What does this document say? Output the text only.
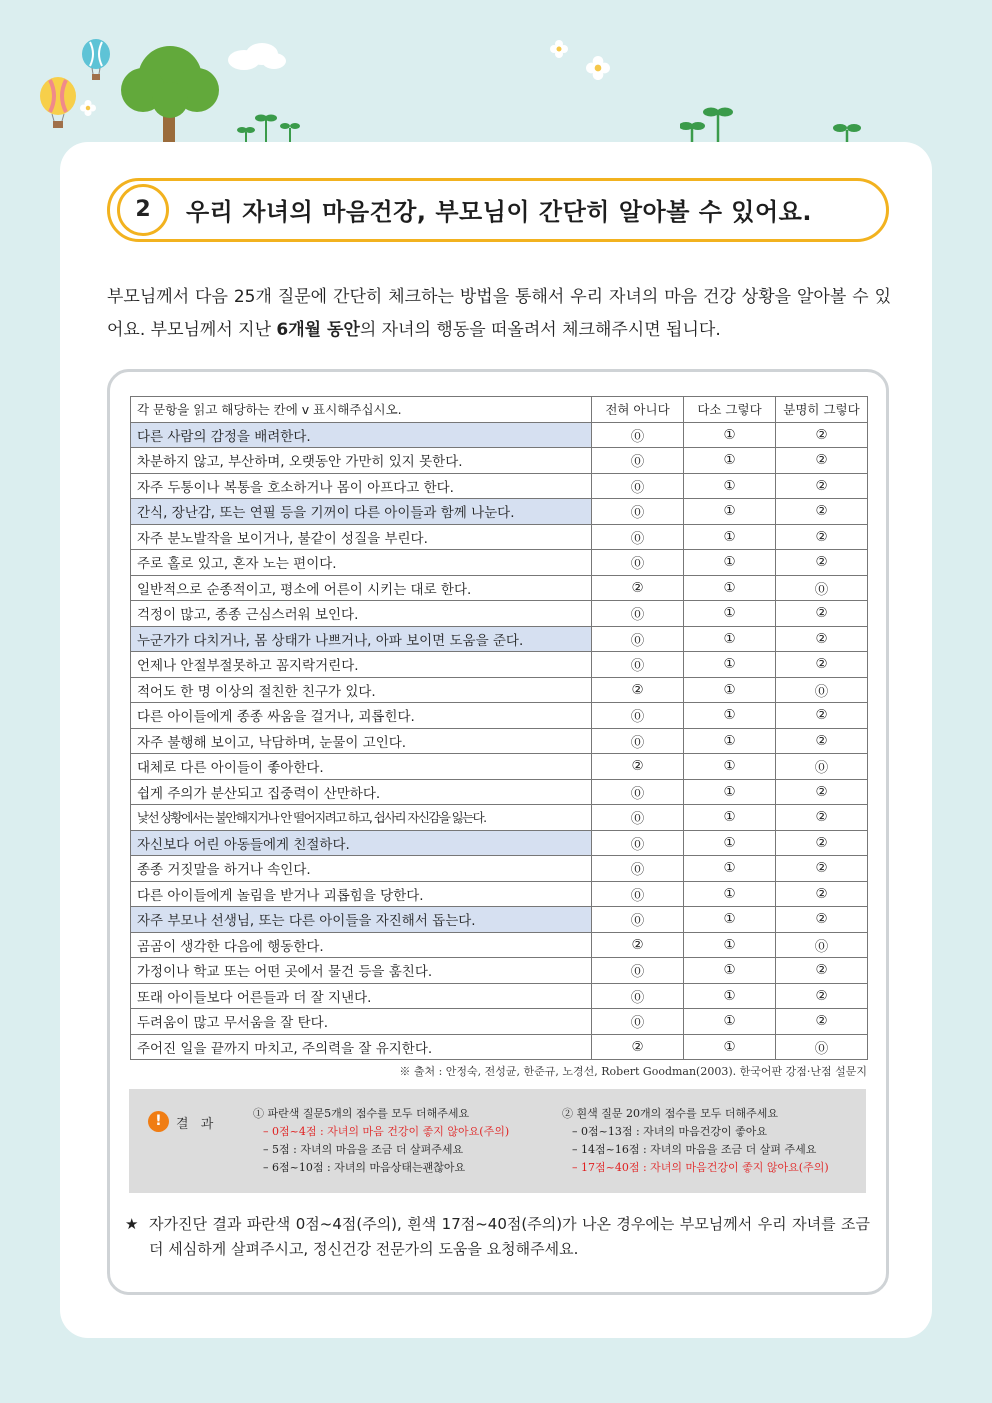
2	우리 자녀의 마음건강, 부모님이 간단히 알아볼 수 있어요.

부모님께서 다음 25개 질문에 간단히 체크하는 방법을 통해서 우리 자녀의 마음 건강 상황을 알아볼 수 있어요. 부모님께서 지난 6개월 동안의 자녀의 행동을 떠올려서 체크해주시면 됩니다.

각 문항을 읽고 해당하는 칸에 v 표시해주십시오.	전혀 아니다	다소 그렇다	분명히 그렇다
다른 사람의 감정을 배려한다.	⓪	①	②
차분하지 않고, 부산하며, 오랫동안 가만히 있지 못한다.	⓪	①	②
자주 두통이나 복통을 호소하거나 몸이 아프다고 한다.	⓪	①	②
간식, 장난감, 또는 연필 등을 기꺼이 다른 아이들과 함께 나눈다.	⓪	①	②
자주 분노발작을 보이거나, 불같이 성질을 부린다.	⓪	①	②
주로 홀로 있고, 혼자 노는 편이다.	⓪	①	②
일반적으로 순종적이고, 평소에 어른이 시키는 대로 한다.	②	①	⓪
걱정이 많고, 종종 근심스러워 보인다.	⓪	①	②
누군가가 다치거나, 몸 상태가 나쁘거나, 아파 보이면 도움을 준다.	⓪	①	②
언제나 안절부절못하고 꼼지락거린다.	⓪	①	②
적어도 한 명 이상의 절친한 친구가 있다.	②	①	⓪
다른 아이들에게 종종 싸움을 걸거나, 괴롭힌다.	⓪	①	②
자주 불행해 보이고, 낙담하며, 눈물이 고인다.	⓪	①	②
대체로 다른 아이들이 좋아한다.	②	①	⓪
쉽게 주의가 분산되고 집중력이 산만하다.	⓪	①	②
낯선 상황에서는 불안해지거나 안 떨어지려고 하고, 쉽사리 자신감을 잃는다.	⓪	①	②
자신보다 어린 아동들에게 친절하다.	⓪	①	②
종종 거짓말을 하거나 속인다.	⓪	①	②
다른 아이들에게 놀림을 받거나 괴롭힘을 당한다.	⓪	①	②
자주 부모나 선생님, 또는 다른 아이들을 자진해서 돕는다.	⓪	①	②
곰곰이 생각한 다음에 행동한다.	②	①	⓪
가정이나 학교 또는 어떤 곳에서 물건 등을 훔친다.	⓪	①	②
또래 아이들보다 어른들과 더 잘 지낸다.	⓪	①	②
두려움이 많고 무서움을 잘 탄다.	⓪	①	②
주어진 일을 끝까지 마치고, 주의력을 잘 유지한다.	②	①	⓪
※ 출처 : 안정숙, 전성균, 한준규, 노경선, Robert Goodman(2003). 한국어판 강점·난점 설문지
!	결 과
① 파란색 질문5개의 점수를 모두 더해주세요
– 0점~4점 : 자녀의 마음 건강이 좋지 않아요(주의)
– 5점 : 자녀의 마음을 조금 더 살펴주세요
– 6점~10점 : 자녀의 마음상태는괜찮아요
② 흰색 질문 20개의 점수를 모두 더해주세요
– 0점~13점 : 자녀의 마음건강이 좋아요
– 14점~16점 : 자녀의 마음을 조금 더 살펴 주세요
– 17점~40점 : 자녀의 마음건강이 좋지 않아요(주의)
★ 자가진단 결과 파란색 0점~4점(주의), 흰색 17점~40점(주의)가 나온 경우에는 부모님께서 우리 자녀를 조금 더 세심하게 살펴주시고, 정신건강 전문가의 도움을 요청해주세요.
